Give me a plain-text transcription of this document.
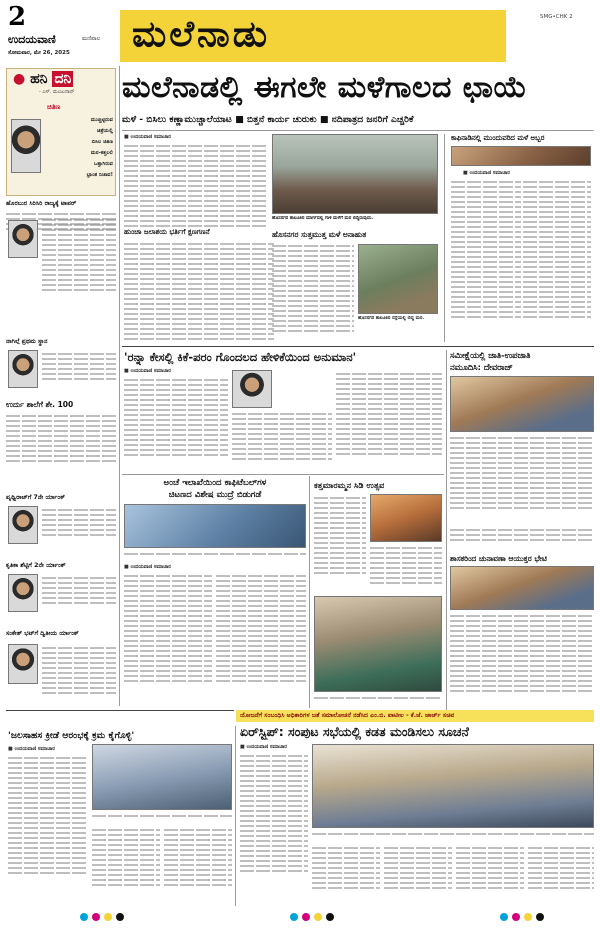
2
ಉದಯವಾಣಿ	ಮಣಿಪಾಲ
ಸೋಮವಾರ, ಮೇ 26, 2025 ಮಲೆನಾಡು	SMG•CHK 2
● ಹನಿ ದನಿ
- ಎಸ್. ಮಂಜುನಾಥ್
ಚಿತಿಣ
ಮುಚ್ಚಿಟ್ಟಿರುವ
ಚಿತ್ರೆಯಲ್ಲಿ
ಬಿಸಿಲ ಚಿತಿಣ
ಮನ-ಕತ್ತಲಲಿ
ಒತ್ತಾಗಿರುವ
ಭ್ರಾಂತ ನಿಜಾವ!
ಹೊರಬುರ ಸಿರಿಸಿರಿ ರಾಜ್ಯಕ್ಕೆ ಟಾಪರ್
ನಾಗಿಲ್ಗೆ ಪ್ರಥಮ ಸ್ಥಾನ
ಉರ್ದು ಶಾಲೆಗೆ ಶೇ. 100
ಪೃಥ್ವಿರಾಜ್‌ಗೆ 7ನೇ ರ್ಯಾಂಕ್
ಕೃತಿಕಾ ಶೆಟ್ಟಿಗೆ 2ನೇ ರ್ಯಾಂಕ್
ಸಂಕೇತ್ ಭಟ್‌ಗೆ ದ್ವಿತೀಯ ರ್ಯಾಂಕ್
ಮಲೆನಾಡಲ್ಲಿ ಈಗಲೇ ಮಳೆಗಾಲದ ಛಾಯೆ
ಮಳೆ - ಬಿಸಿಲು ಕಣ್ಣಾಮುಚ್ಚಾಲೆಯಾಟ ■ ಬಿತ್ತನೆ ಕಾರ್ಯ ಚುರುಕು ■ ನದಿಪಾತ್ರದ ಜನರಿಗೆ ಎಚ್ಚರಿಕೆ
■ ಉದಯವಾಣಿ ಸಮಾಚಾರ
ಹುಂಚಾ ಜಲಾಶಯ ಭರ್ತಿಗೆ ಕ್ಷಣಗಣನೆ
ಹೊಸನಗರ ತಾಲೂಕಿನ ಮಾರ್ಗದಲ್ಲಿ ಗಾಳಿ ಮಳೆಗೆ ಮರ ಬಿದ್ದಿರುವುದು.
ಹೊಸನಗರ ಸುತ್ತಮುತ್ತ ಮಳೆ ಅನಾಹುತ
ಹೊಸನಗರ ತಾಲೂಕಿನ ರಸ್ತೆಯಲ್ಲಿ ಬಿದ್ದ ಮರ.
ಕಾಫಿನಾಡಿನಲ್ಲಿ ಮುಂದುವರಿದ ಮಳೆ ಅಬ್ಬರ
■ ಉದಯವಾಣಿ ಸಮಾಚಾರ
'ರನ್ನಾ ಕೇಸಲ್ಲಿ ಕಿಕೆ-ಪರಂ ಗೊಂದಲದ ಹೇಳಿಕೆಯಿಂದ ಅನುಮಾನ'
■ ಉದಯವಾಣಿ ಸಮಾಚಾರ
ಸಮೀಕ್ಷೆಯಲ್ಲಿ ಜಾತಿ-ಉಪಜಾತಿ
ನಮೂದಿಸಿ: ದೇವರಾಜ್
ಅಂಚೆ ಇಲಾಖೆಯಿಂದ ಕಾಫಿಟೆಬಲ್‌ಗಳ
ಚಿಟಣದ ವಿಶೇಷ ಮುದ್ರೆ ಬಿಡುಗಡೆ
■ ಉದಯವಾಣಿ ಸಮಾಚಾರ
ಕತ್ತಮಾರಮ್ಮನ ಸಿಡಿ ಉತ್ಸವ
ಶಾಸಕರಿಂದ ಚುನಾವಣಾ ಆಯುಕ್ತರ ಭೇಟಿ
ಯೋಜನೆಗೆ ಸಂಬಂಧಿಸಿ ಅಧಿಕಾರಿಗಳ ಜತೆ ಸಮಾಲೋಚನೆ ನಡೆಸಿದ ಎಂ.ಬಿ. ಪಾಟೀಲ - ಕೆ.ಜೆ. ಜಾರ್ಜ್ ಸಚಿವ
'ಜಲಸಾಹಸ ಕ್ರೀಡೆ ಆರಂಭಕ್ಕೆ ಕ್ರಮ ಕೈಗೊಳ್ಳಿ'
■ ಉದಯವಾಣಿ ಸಮಾಚಾರ
ಏರ್‌ಸ್ಟ್ರಿಪ್: ಸಂಪುಟ ಸಭೆಯಲ್ಲಿ ಕಡತ ಮಂಡಿಸಲು ಸೂಚನೆ
■ ಉದಯವಾಣಿ ಸಮಾಚಾರ
